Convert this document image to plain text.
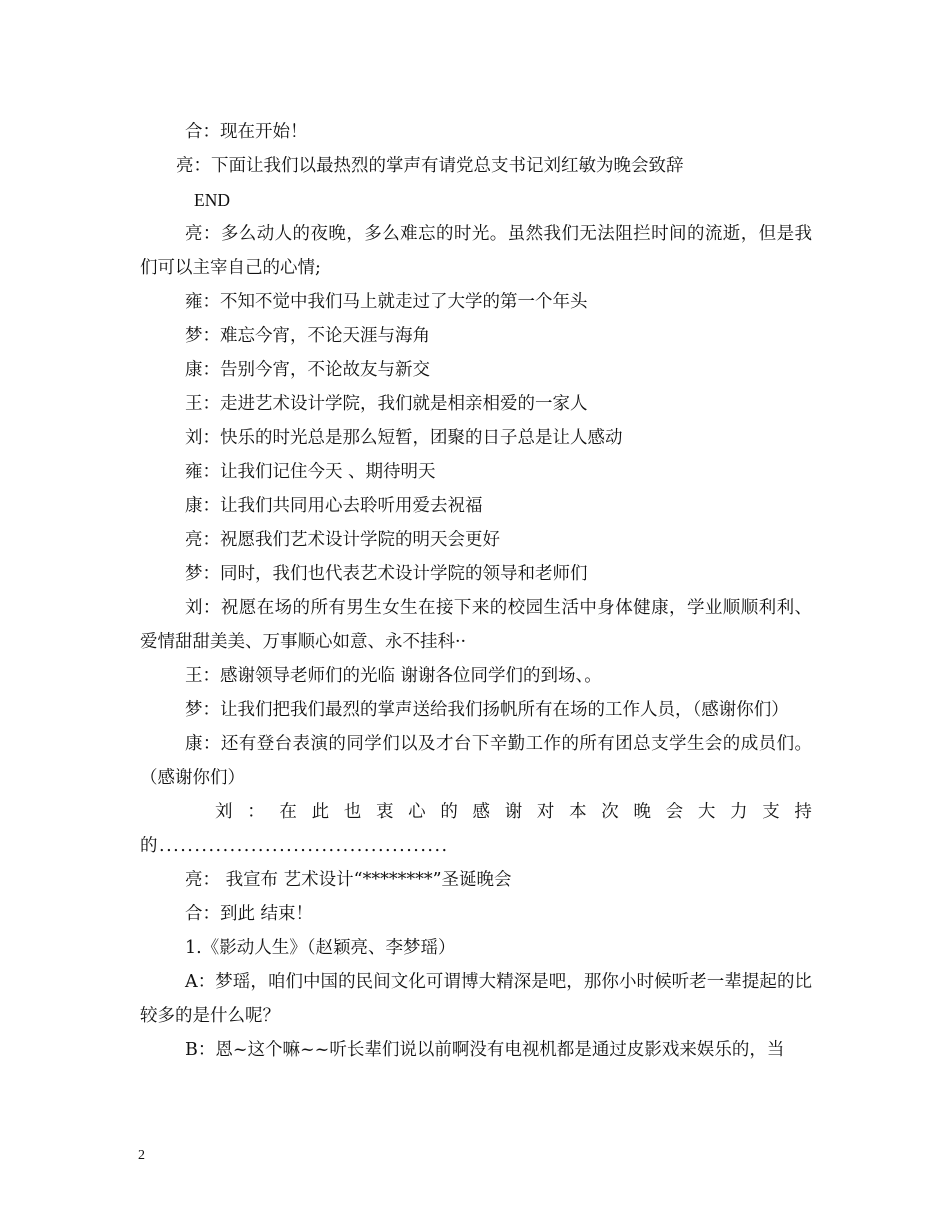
合：现在开始！

亮：下面让我们以最热烈的掌声有请党总支书记刘红敏为晚会致辞

END

亮：多么动人的夜晚，多么难忘的时光。虽然我们无法阻拦时间的流逝，但是我们可以主宰自己的心情;

雍：不知不觉中我们马上就走过了大学的第一个年头

梦：难忘今宵，不论天涯与海角

康：告别今宵，不论故友与新交

王：走进艺术设计学院，我们就是相亲相爱的一家人

刘：快乐的时光总是那么短暂，团聚的日子总是让人感动

雍：让我们记住今天 、期待明天

康：让我们共同用心去聆听用爱去祝福

亮：祝愿我们艺术设计学院的明天会更好

梦：同时，我们也代表艺术设计学院的领导和老师们

刘：祝愿在场的所有男生女生在接下来的校园生活中身体健康，学业顺顺利利、爱情甜甜美美、万事顺心如意、永不挂科··

王：感谢领导老师们的光临 谢谢各位同学们的到场、。

梦：让我们把我们最烈的掌声送给我们扬帆所有在场的工作人员，（感谢你们）

康：还有登台表演的同学们以及才台下辛勤工作的所有团总支学生会的成员们。（感谢你们）

刘 ： 在 此 也 衷 心 的 感 谢 对 本 次 晚 会 大 力 支 持

的.........................................

亮： 我宣布 艺术设计“********”圣诞晚会

合：到此 结束！

1.《影动人生》（赵颖亮、李梦瑶）

A：梦瑶，咱们中国的民间文化可谓博大精深是吧，那你小时候听老一辈提起的比较多的是什么呢？

B：恩~这个嘛~~听长辈们说以前啊没有电视机都是通过皮影戏来娱乐的，当

2
